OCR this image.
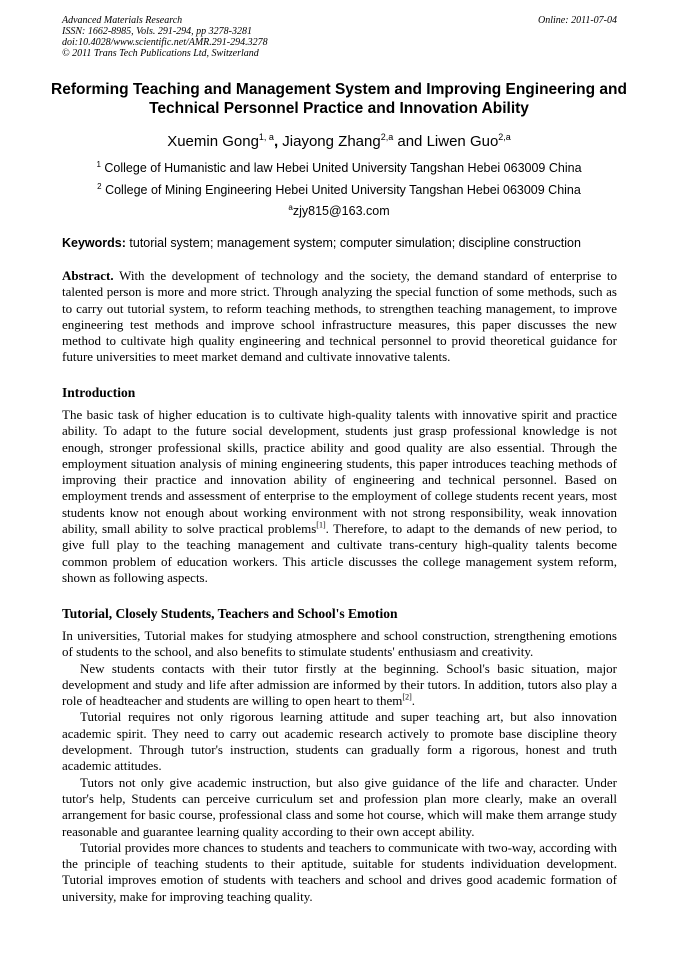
Advanced Materials Research
ISSN: 1662-8985, Vols. 291-294, pp 3278-3281
doi:10.4028/www.scientific.net/AMR.291-294.3278
© 2011 Trans Tech Publications Ltd, Switzerland
Online: 2011-07-04
Reforming Teaching and Management System and Improving Engineering and Technical Personnel Practice and Innovation Ability
Xuemin Gong$^{1, a}$, Jiayong Zhang$^{2,a}$ and Liwen Guo$^{2,a}$
$^1$ College of Humanistic and law Hebei United University Tangshan Hebei 063009 China
$^2$ College of Mining Engineering Hebei United University Tangshan Hebei 063009 China
$^a$zjy815@163.com
Keywords: tutorial system; management system; computer simulation; discipline construction
Abstract. With the development of technology and the society, the demand standard of enterprise to talented person is more and more strict. Through analyzing the special function of some methods, such as to carry out tutorial system, to reform teaching methods, to strengthen teaching management, to improve engineering test methods and improve school infrastructure measures, this paper discusses the new method to cultivate high quality engineering and technical personnel to provid theoretical guidance for future universities to meet market demand and cultivate innovative talents.
Introduction

The basic task of higher education is to cultivate high-quality talents with innovative spirit and practice ability. To adapt to the future social development, students just grasp professional knowledge is not enough, stronger professional skills, practice ability and good quality are also essential. Through the employment situation analysis of mining engineering students, this paper introduces teaching methods of improving their practice and innovation ability of engineering and technical personnel. Based on employment trends and assessment of enterprise to the employment of college students recent years, most students know not enough about working environment with not strong responsibility, weak innovation ability, small ability to solve practical problems[1]. Therefore, to adapt to the demands of new period, to give full play to the teaching management and cultivate trans-century high-quality talents become common problem of education workers. This article discusses the college management system reform, shown as following aspects.

Tutorial, Closely Students, Teachers and School's Emotion

In universities, Tutorial makes for studying atmosphere and school construction, strengthening emotions of students to the school, and also benefits to stimulate students' enthusiasm and creativity.

New students contacts with their tutor firstly at the beginning. School's basic situation, major development and study and life after admission are informed by their tutors. In addition, tutors also play a role of headteacher and students are willing to open heart to them[2].

Tutorial requires not only rigorous learning attitude and super teaching art, but also innovation academic spirit. They need to carry out academic research actively to promote base discipline theory development. Through tutor's instruction, students can gradually form a rigorous, honest and truth academic attitudes.

Tutors not only give academic instruction, but also give guidance of the life and character. Under tutor's help, Students can perceive curriculum set and profession plan more clearly, make an overall arrangement for basic course, professional class and some hot course, which will make them arrange study reasonable and guarantee learning quality according to their own accept ability.

Tutorial provides more chances to students and teachers to communicate with two-way, according with the principle of teaching students to their aptitude, suitable for students individuation development. Tutorial improves emotion of students with teachers and school and drives good academic formation of university, make for improving teaching quality.
